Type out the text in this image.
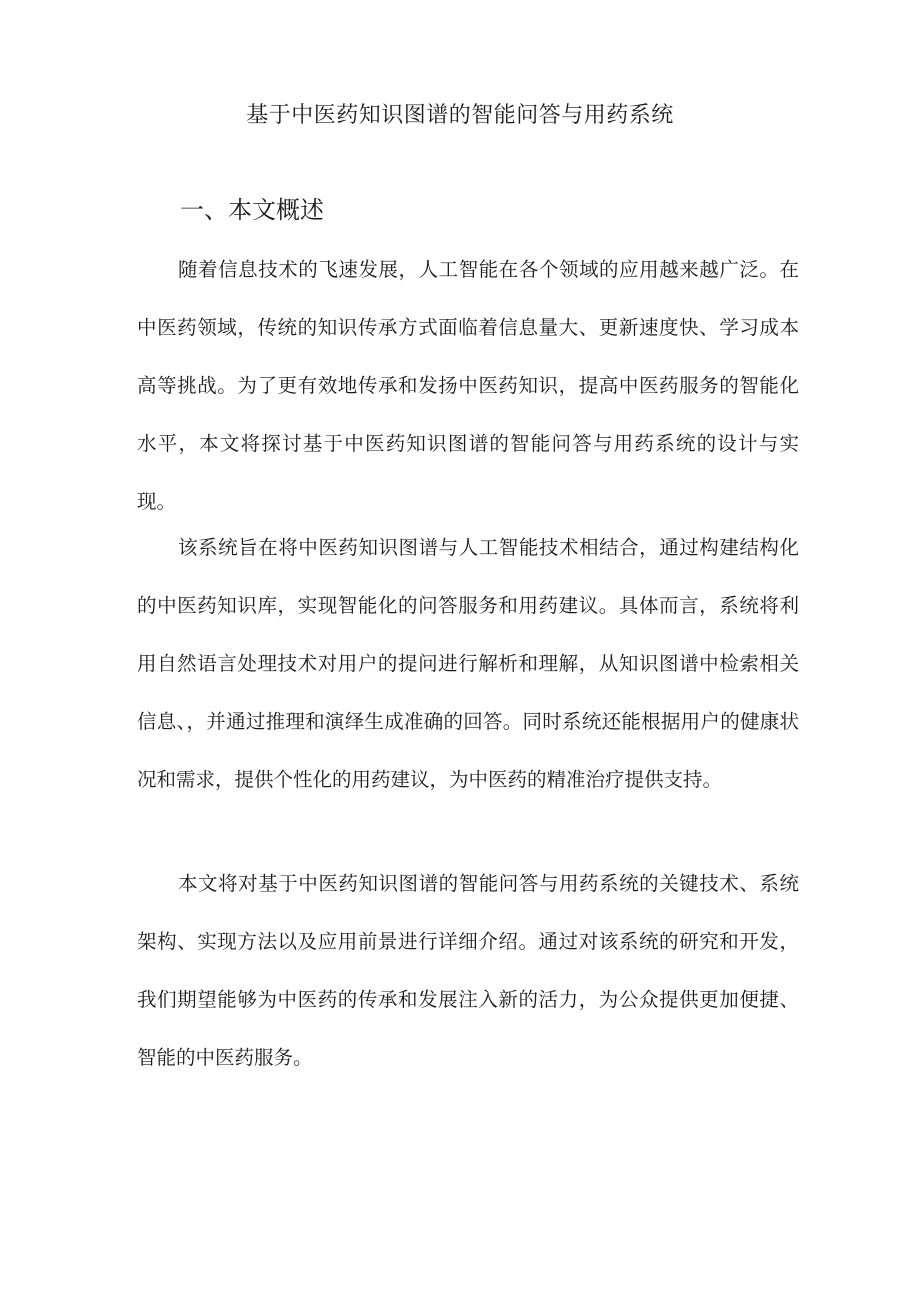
基于中医药知识图谱的智能问答与用药系统
一、本文概述

随着信息技术的飞速发展，人工智能在各个领域的应用越来越广泛。在中医药领域，传统的知识传承方式面临着信息量大、更新速度快、学习成本高等挑战。为了更有效地传承和发扬中医药知识，提高中医药服务的智能化水平，本文将探讨基于中医药知识图谱的智能问答与用药系统的设计与实现。

该系统旨在将中医药知识图谱与人工智能技术相结合，通过构建结构化的中医药知识库，实现智能化的问答服务和用药建议。具体而言，系统将利用自然语言处理技术对用户的提问进行解析和理解，从知识图谱中检索相关信息、，并通过推理和演绎生成准确的回答。同时系统还能根据用户的健康状况和需求，提供个性化的用药建议，为中医药的精准治疗提供支持。

本文将对基于中医药知识图谱的智能问答与用药系统的关键技术、系统架构、实现方法以及应用前景进行详细介绍。通过对该系统的研究和开发，我们期望能够为中医药的传承和发展注入新的活力，为公众提供更加便捷、智能的中医药服务。
